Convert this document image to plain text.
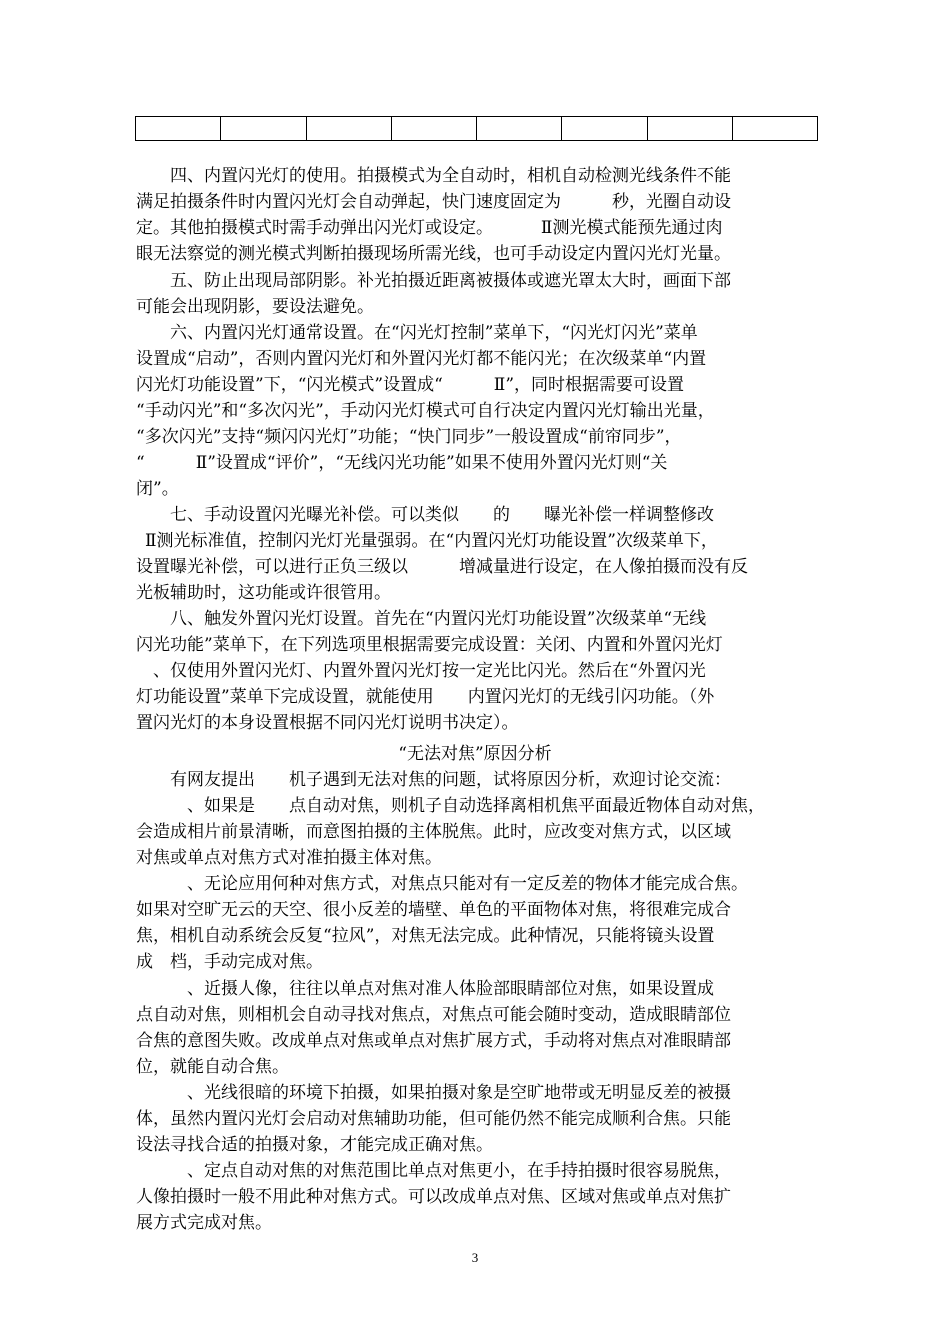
四、内置闪光灯的使用。拍摄模式为全自动时，相机自动检测光线条件不能
满足拍摄条件时内置闪光灯会自动弹起，快门速度固定为　　　秒，光圈自动设
定。其他拍摄模式时需手动弹出闪光灯或设定。　　　 Ⅱ测光模式能预先通过肉
眼无法察觉的测光模式判断拍摄现场所需光线，也可手动设定内置闪光灯光量。
五、防止出现局部阴影。补光拍摄近距离被摄体或遮光罩太大时，画面下部
可能会出现阴影，要设法避免。
六、内置闪光灯通常设置。在“闪光灯控制”菜单下，“闪光灯闪光”菜单
设置成“启动”，否则内置闪光灯和外置闪光灯都不能闪光；在次级菜单“内置
闪光灯功能设置”下，“闪光模式”设置成“　　　Ⅱ”，同时根据需要可设置
“手动闪光”和“多次闪光”，手动闪光灯模式可自行决定内置闪光灯输出光量，
“多次闪光”支持“频闪闪光灯”功能；“快门同步”一般设置成“前帘同步”，
“　　　Ⅱ”设置成“评价”，“无线闪光功能”如果不使用外置闪光灯则“关
闭”。
七、手动设置闪光曝光补偿。可以类似　　的　　曝光补偿一样调整修改
Ⅱ测光标准值，控制闪光灯光量强弱。在“内置闪光灯功能设置”次级菜单下，
设置曝光补偿，可以进行正负三级以　　　增减量进行设定，在人像拍摄而没有反
光板辅助时，这功能或许很管用。
八、触发外置闪光灯设置。首先在“内置闪光灯功能设置”次级菜单“无线
闪光功能”菜单下，在下列选项里根据需要完成设置：关闭、内置和外置闪光灯
　、仅使用外置闪光灯、内置外置闪光灯按一定光比闪光。然后在“外置闪光
灯功能设置”菜单下完成设置，就能使用　　内置闪光灯的无线引闪功能。（外
置闪光灯的本身设置根据不同闪光灯说明书决定）。
“无法对焦”原因分析
有网友提出　　机子遇到无法对焦的问题，试将原因分析，欢迎讨论交流：
　　、如果是　　点自动对焦，则机子自动选择离相机焦平面最近物体自动对焦，
会造成相片前景清晰，而意图拍摄的主体脱焦。此时，应改变对焦方式，以区域
对焦或单点对焦方式对准拍摄主体对焦。
　　、无论应用何种对焦方式，对焦点只能对有一定反差的物体才能完成合焦。
如果对空旷无云的天空、很小反差的墙壁、单色的平面物体对焦，将很难完成合
焦，相机自动系统会反复“拉风”，对焦无法完成。此种情况，只能将镜头设置
成　档，手动完成对焦。
　　、近摄人像，往往以单点对焦对准人体脸部眼睛部位对焦，如果设置成
点自动对焦，则相机会自动寻找对焦点，对焦点可能会随时变动，造成眼睛部位
合焦的意图失败。改成单点对焦或单点对焦扩展方式，手动将对焦点对准眼睛部
位，就能自动合焦。
　　、光线很暗的环境下拍摄，如果拍摄对象是空旷地带或无明显反差的被摄
体，虽然内置闪光灯会启动对焦辅助功能，但可能仍然不能完成顺利合焦。只能
设法寻找合适的拍摄对象，才能完成正确对焦。
　　、定点自动对焦的对焦范围比单点对焦更小，在手持拍摄时很容易脱焦，
人像拍摄时一般不用此种对焦方式。可以改成单点对焦、区域对焦或单点对焦扩
展方式完成对焦。
3
